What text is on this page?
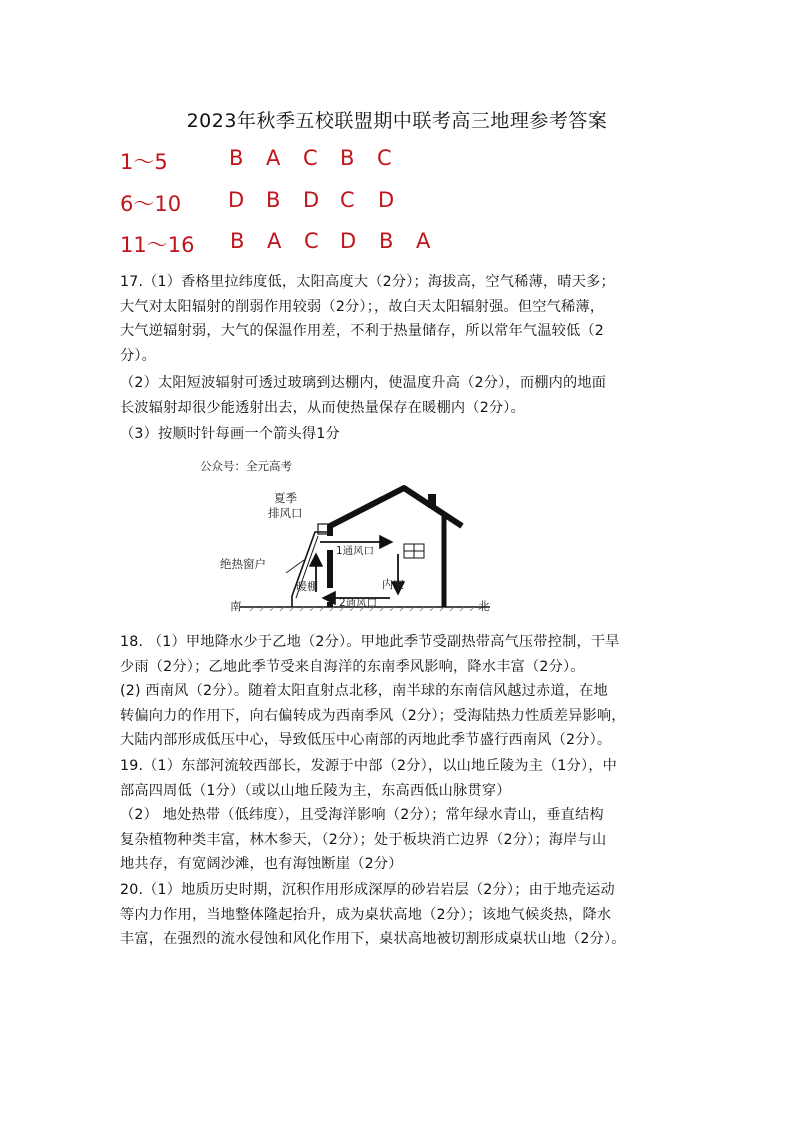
2023年秋季五校联盟期中联考高三地理参考答案
1～5	B A C B C
6～10 D B D C D
11～16 B A C D B A
17.（1）香格里拉纬度低，太阳高度大（2分）；海拔高，空气稀薄，晴天多；
大气对太阳辐射的削弱作用较弱（2分）；，故白天太阳辐射强。但空气稀薄，
大气逆辐射弱，大气的保温作用差，不利于热量储存，所以常年气温较低（2
分）。
（2）太阳短波辐射可透过玻璃到达棚内，使温度升高（2分），而棚内的地面
长波辐射却很少能透射出去，从而使热量保存在暖棚内（2分）。
（3）按顺时针每画一个箭头得1分
公众号：全元高考
夏季
排风口
绝热窗户
1通风口
2通风口
暖棚	内室
南	北
18. （1）甲地降水少于乙地（2分）。甲地此季节受副热带高气压带控制，干旱
少雨（2分）；乙地此季节受来自海洋的东南季风影响，降水丰富（2分）。
(2) 西南风（2分）。随着太阳直射点北移，南半球的东南信风越过赤道，在地
转偏向力的作用下，向右偏转成为西南季风（2分）；受海陆热力性质差异影响，
大陆内部形成低压中心，导致低压中心南部的丙地此季节盛行西南风（2分）。
19.（1）东部河流较西部长，发源于中部（2分），以山地丘陵为主（1分），中
部高四周低（1分）（或以山地丘陵为主，东高西低山脉贯穿）
（2） 地处热带（低纬度），且受海洋影响（2分）；常年绿水青山，垂直结构
复杂植物种类丰富，林木参天，（2分）；处于板块消亡边界（2分）；海岸与山
地共存，有宽阔沙滩，也有海蚀断崖（2分）
20.（1）地质历史时期，沉积作用形成深厚的砂岩岩层（2分）；由于地壳运动
等内力作用，当地整体隆起抬升，成为桌状高地（2分）；该地气候炎热，降水
丰富，在强烈的流水侵蚀和风化作用下，桌状高地被切割形成桌状山地（2分）。
